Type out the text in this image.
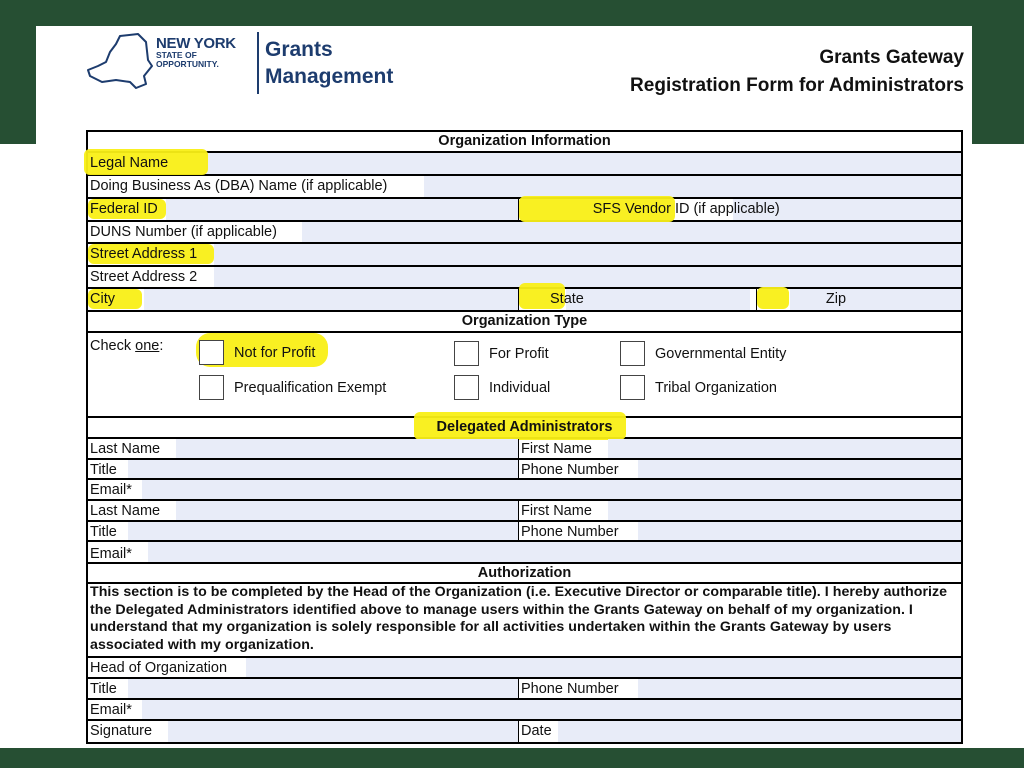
NEW YORK
STATE OF
OPPORTUNITY.
Grants
Management
Grants Gateway
Registration Form for Administrators
Organization Information
Legal Name
Doing Business As (DBA) Name (if applicable)
Federal ID	SFS Vendor ID (if applicable)
DUNS Number (if applicable)
Street Address 1
Street Address 2
City	State	Zip
Organization Type
Check one:	Not for Profit	For Profit	Governmental Entity
Prequalification Exempt	Individual	Tribal Organization
Delegated Administrators
Last Name	First Name
Title	Phone Number
Email*
Last Name	First Name
Title	Phone Number
Email*
Authorization
This section is to be completed by the Head of the Organization (i.e. Executive Director or comparable title). I hereby authorize the Delegated Administrators identified above to manage users within the Grants Gateway on behalf of my organization. I understand that my organization is solely responsible for all activities undertaken within the Grants Gateway by users associated with my organization.
Head of Organization
Title	Phone Number
Email*
Signature	Date
